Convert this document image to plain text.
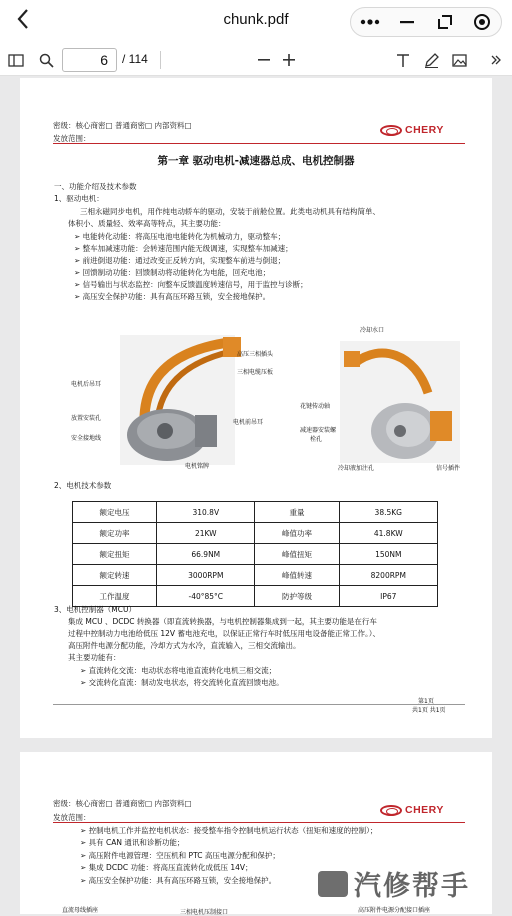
chunk.pdf
6	/ 114
密级：核心商密□ 普通商密□ 内部资料□
发放范围：
CHERY
第一章 驱动电机-减速器总成、电机控制器
一、功能介绍及技术参数
1、驱动电机：
三相永磁同步电机，用作纯电动轿车的驱动，安装于前舱位置。此类电动机具有结构简单、
体积小、质量轻、效率高等特点，其主要功能：
➢ 电能转化动能：将高压电池电能转化为机械动力，驱动整车；
➢ 整车加减速功能：会转速范围内能无级调速，实现整车加减速；
➢ 前进倒退功能：通过改变正反转方向，实现整车前进与倒退；
➢ 回馈制动功能：回馈制动将动能转化为电能，回充电池；
➢ 信号输出与状态监控：向整车反馈温度转速信号，用于监控与诊断；
➢ 高压安全保护功能：具有高压环路互锁，安全接地保护。
高压三相插头
三相电缆压板
电机后吊耳
放置安装孔
电机前吊耳
安全接地线
电机铭牌
冷却水口
花键传动轴
减速器安装螺
栓孔
冷却液加注孔	信号插件
2、电机技术参数
额定电压	310.8V	重量	38.5KG
额定功率	21KW	峰值功率	41.8KW
额定扭矩	66.9NM	峰值扭矩	150NM
额定转速	3000RPM	峰值转速	8200RPM
工作温度	-40°85°C	防护等级	IP67
3、电机控制器（MCU）
集成 MCU 、DCDC 转换器（即直流转换器，与电机控制器集成到一起，其主要功能是在行车
过程中控制动力电池给低压 12V 蓄电池充电，以保证正常行车时低压用电设备能正常工作。）、
高压附件电源分配功能，冷却方式为水冷，直流输入，三相交流输出。
其主要功能有：
➢ 直流转化交流：电动状态将电池直流转化电机三相交流；
➢ 交流转化直流：制动发电状态，将交流转化直流回馈电池。
第1页
共1页 共1页
密级：核心商密□ 普通商密□ 内部资料□
发放范围：
CHERY
➢ 控制电机工作并监控电机状态：接受整车指令控制电机运行状态（扭矩和速度的控制）；
➢ 具有 CAN 通讯和诊断功能；
➢ 高压附件电源管理：空压机和 PTC 高压电源分配和保护；
➢ 集成 DCDC 功能：将高压直流转化成低压 14V；
➢ 高压安全保护功能：具有高压环路互锁，安全接地保护。
直流母线插座	三相电机压制接口	高压附件电源分配接口插座
汽修帮手
